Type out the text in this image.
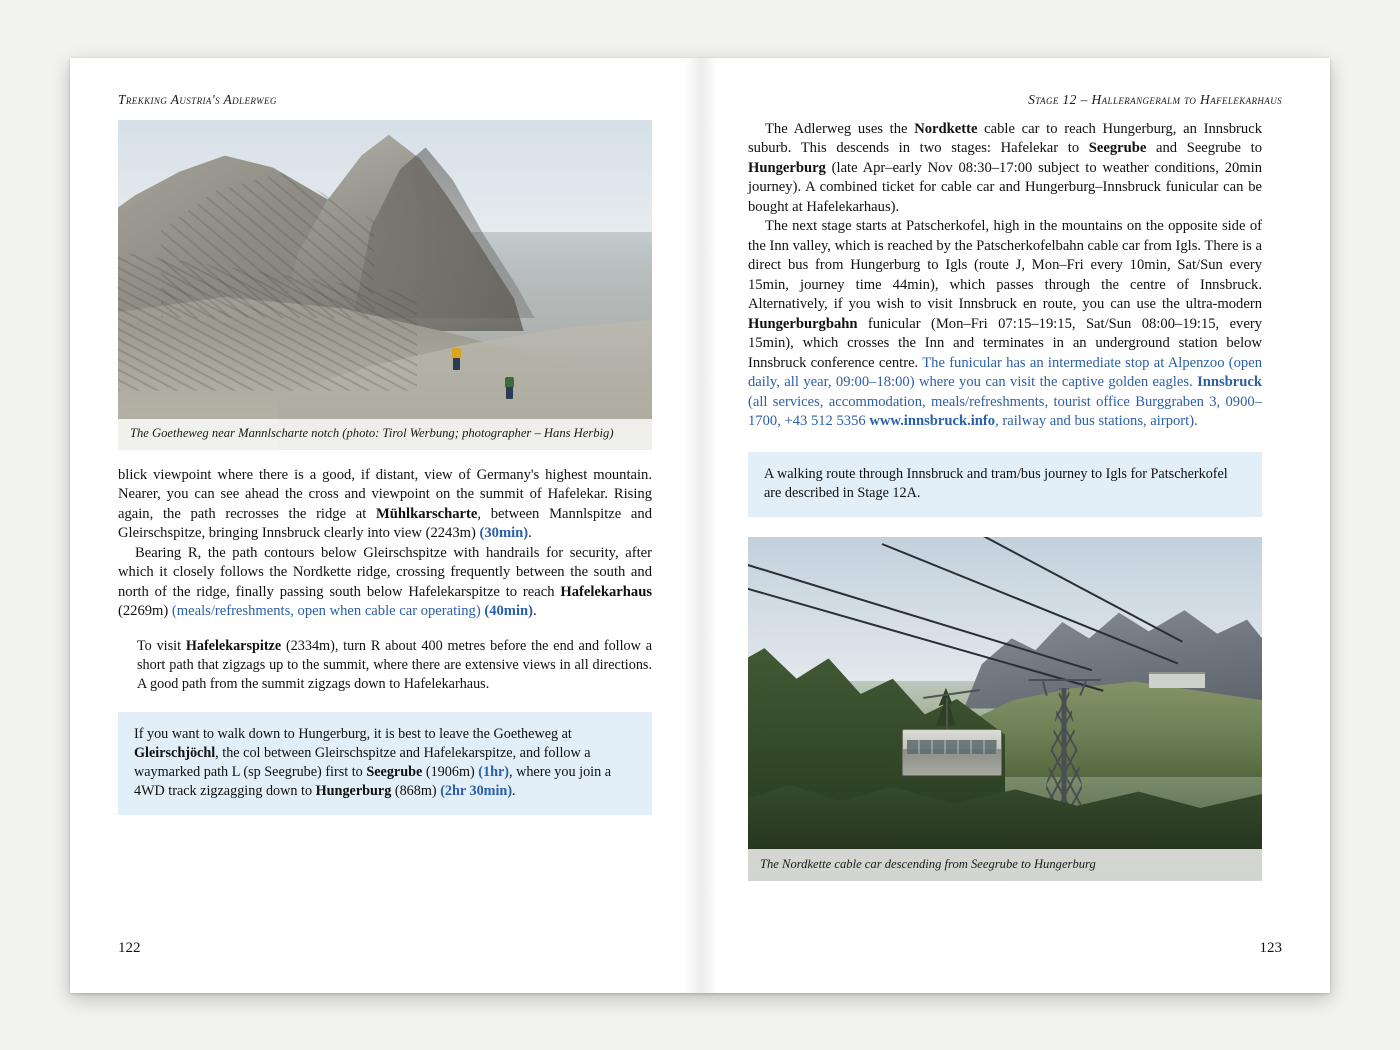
Trekking Austria's Adlerweg
The Goetheweg near Mannlscharte notch (photo: Tirol Werbung; photographer – Hans Herbig)

blick viewpoint where there is a good, if distant, view of Germany's highest mountain. Nearer, you can see ahead the cross and viewpoint on the summit of Hafelekar. Rising again, the path recrosses the ridge at Mühlkarscharte, between Mannlspitze and Gleirschspitze, bringing Innsbruck clearly into view (2243m) (30min).

Bearing R, the path contours below Gleirschspitze with handrails for security, after which it closely follows the Nordkette ridge, crossing frequently between the south and north of the ridge, finally passing south below Hafelekarspitze to reach Hafelekarhaus (2269m) (meals/refreshments, open when cable car operating) (40min).

To visit Hafelekarspitze (2334m), turn R about 400 metres before the end and follow a short path that zigzags up to the summit, where there are extensive views in all directions. A good path from the summit zigzags down to Hafelekarhaus.
If you want to walk down to Hungerburg, it is best to leave the Goetheweg at Gleirschjöchl, the col between Gleirschspitze and Hafelekarspitze, and follow a waymarked path L (sp Seegrube) first to Seegrube (1906m) (1hr), where you join a 4WD track zigzagging down to Hungerburg (868m) (2hr 30min).
122
Stage 12 – Hallerangeralm to Hafelekarhaus

The Adlerweg uses the Nordkette cable car to reach Hungerburg, an Innsbruck suburb. This descends in two stages: Hafelekar to Seegrube and Seegrube to Hungerburg (late Apr–early Nov 08:30–17:00 subject to weather conditions, 20min journey). A combined ticket for cable car and Hungerburg–Innsbruck funicular can be bought at Hafelekarhaus).

The next stage starts at Patscherkofel, high in the mountains on the opposite side of the Inn valley, which is reached by the Patscherkofelbahn cable car from Igls. There is a direct bus from Hungerburg to Igls (route J, Mon–Fri every 10min, Sat/Sun every 15min, journey time 44min), which passes through the centre of Innsbruck. Alternatively, if you wish to visit Innsbruck en route, you can use the ultra-modern Hungerburgbahn funicular (Mon–Fri 07:15–19:15, Sat/Sun 08:00–19:15, every 15min), which crosses the Inn and terminates in an underground station below Innsbruck conference centre. The funicular has an intermediate stop at Alpenzoo (open daily, all year, 09:00–18:00) where you can visit the captive golden eagles. Innsbruck (all services, accommodation, meals/refreshments, tourist office Burggraben 3, 0900–1700, +43 512 5356 www.innsbruck.info, railway and bus stations, airport).

A walking route through Innsbruck and tram/bus journey to Igls for Patscherkofel are described in Stage 12A.
The Nordkette cable car descending from Seegrube to Hungerburg
123
